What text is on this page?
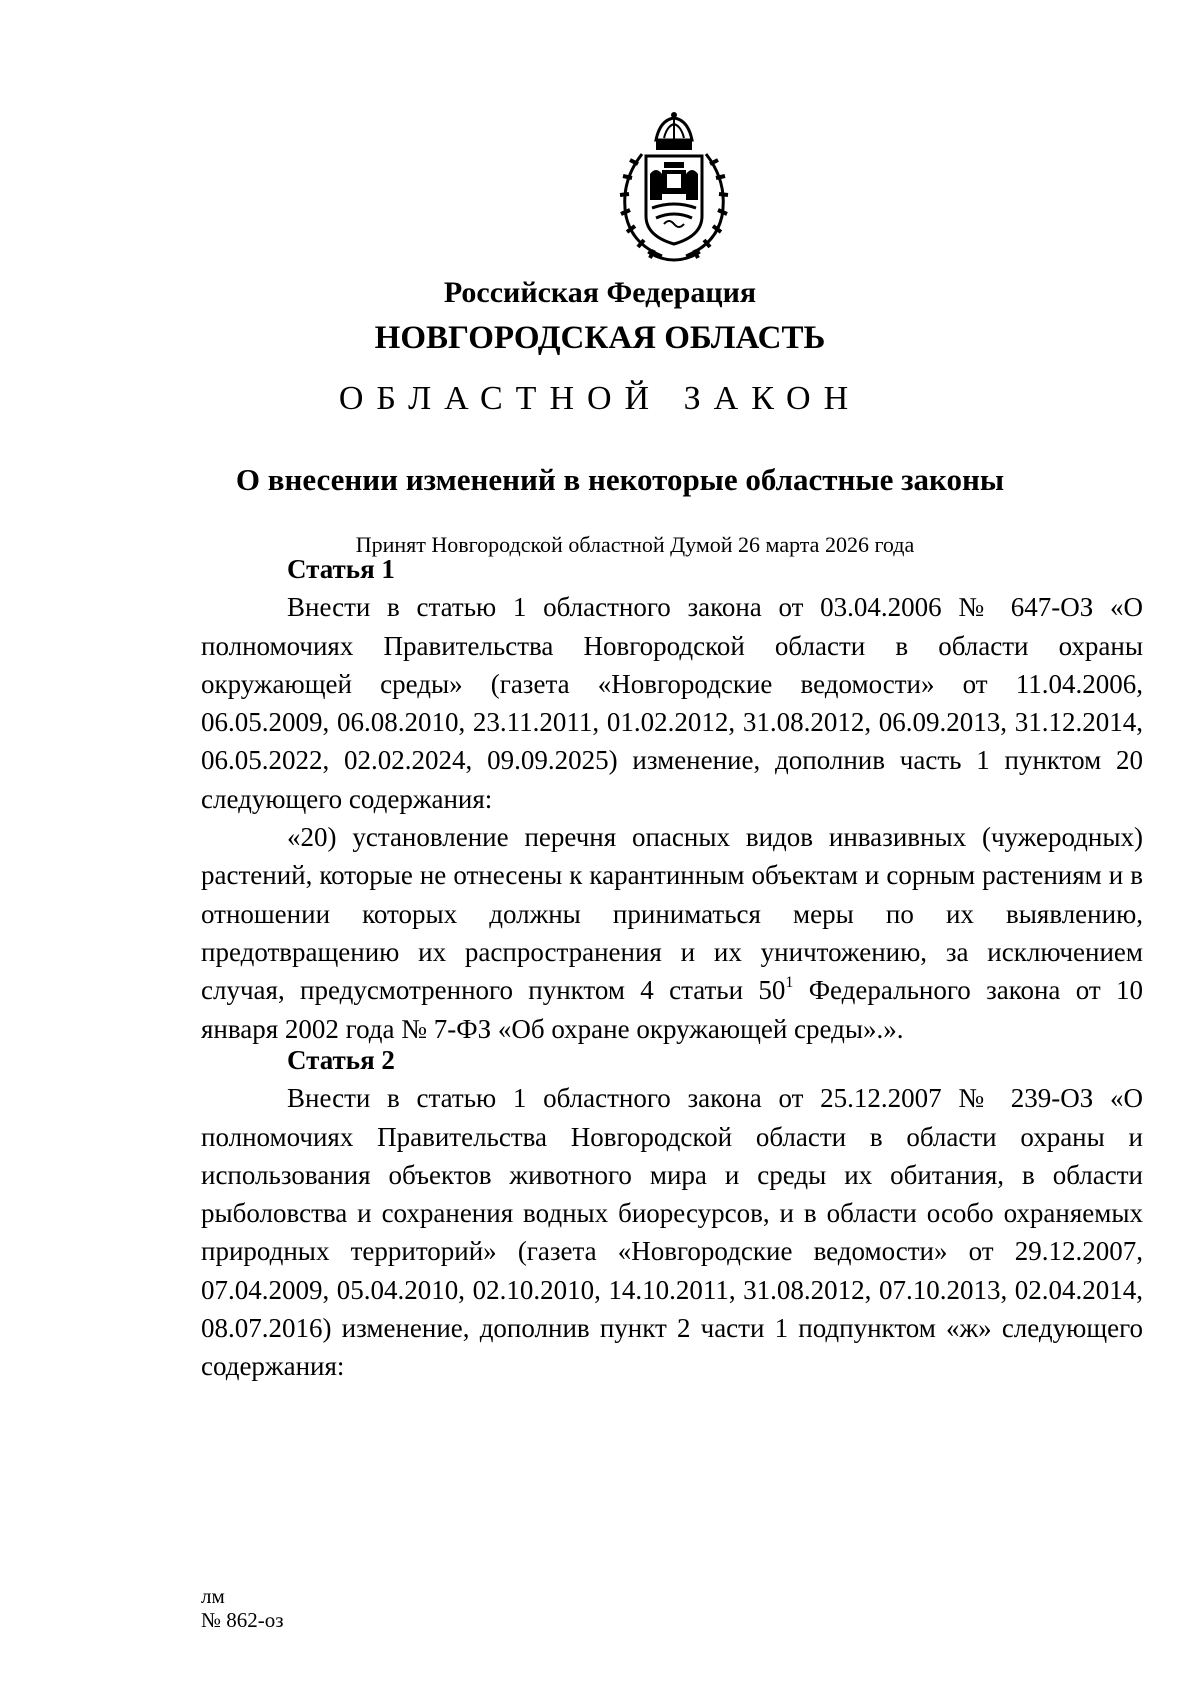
Российская Федерация
НОВГОРОДСКАЯ ОБЛАСТЬ
ОБЛАСТНОЙ ЗАКОН
О внесении изменений в некоторые областные законы
Принят Новгородской областной Думой 26 марта 2026 года

Статья 1

Внести в статью 1 областного закона от 03.04.2006 № 647-ОЗ «О полномочиях Правительства Новгородской области в области охраны окружающей среды» (газета «Новгородские ведомости» от 11.04.2006, 06.05.2009, 06.08.2010, 23.11.2011, 01.02.2012, 31.08.2012, 06.09.2013, 31.12.2014, 06.05.2022, 02.02.2024, 09.09.2025) изменение, дополнив часть 1 пунктом 20 следующего содержания:

«20) установление перечня опасных видов инвазивных (чужеродных) растений, которые не отнесены к карантинным объектам и сорным растениям и в отношении которых должны приниматься меры по их выявлению, предотвращению их распространения и их уничтожению, за исключением случая, предусмотренного пунктом 4 статьи $50^1$ Федерального закона от 10 января 2002 года № 7-ФЗ «Об охране окружающей среды».».

Статья 2

Внести в статью 1 областного закона от 25.12.2007 № 239-ОЗ «О полномочиях Правительства Новгородской области в области охраны и использования объектов животного мира и среды их обитания, в области рыболовства и сохранения водных биоресурсов, и в области особо охраняемых природных территорий» (газета «Новгородские ведомости» от 29.12.2007, 07.04.2009, 05.04.2010, 02.10.2010, 14.10.2011, 31.08.2012, 07.10.2013, 02.04.2014, 08.07.2016) изменение, дополнив пункт 2 части 1 подпунктом «ж» следующего содержания:

лм
№ 862-оз
